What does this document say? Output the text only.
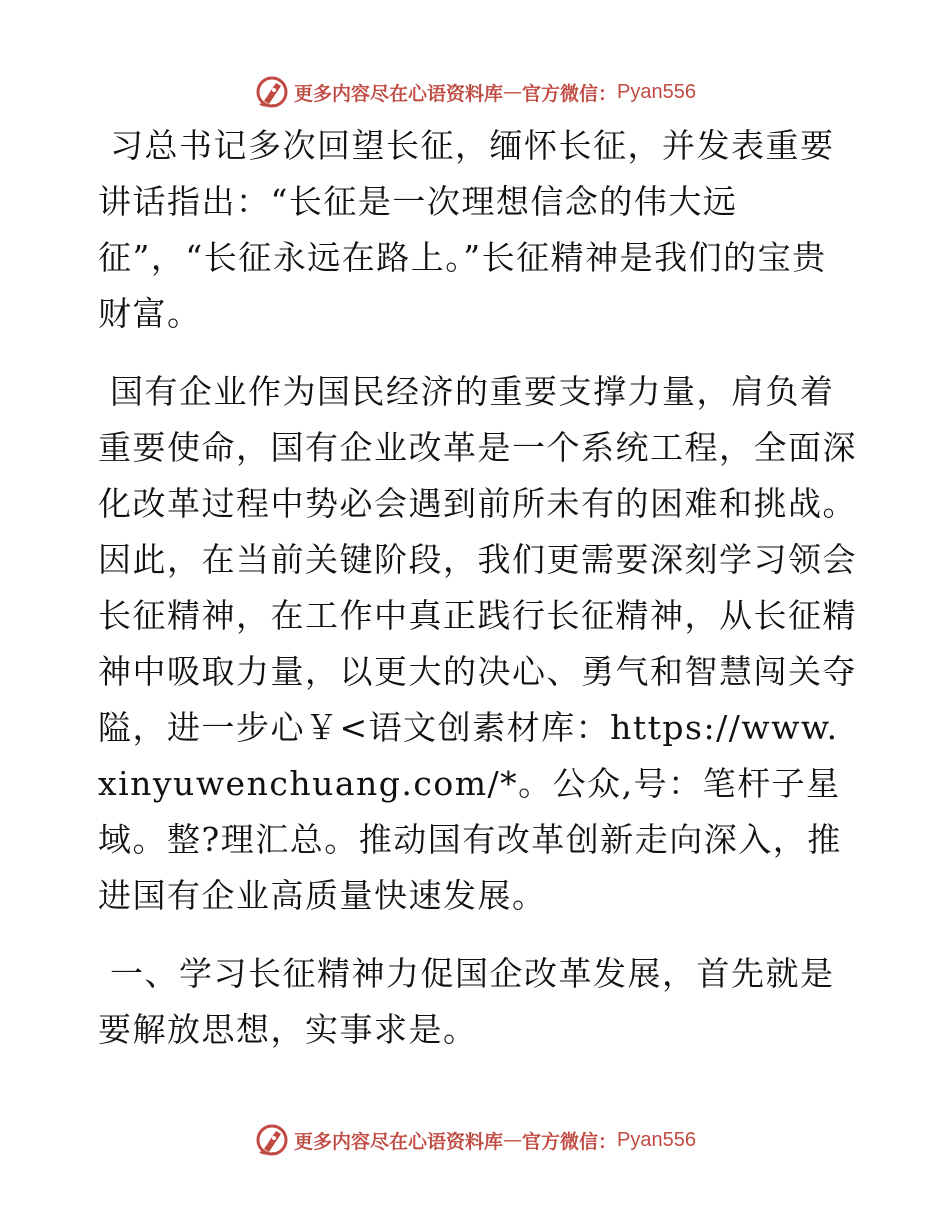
更多内容尽在心语资料库 — 官方微信： Pyan556

习总书记多次回望长征，缅怀长征，并发表重要讲话指出：“长征是一次理想信念的伟大远征”，“长征永远在路上。”长征精神是我们的宝贵财富。

国有企业作为国民经济的重要支撑力量，肩负着重要使命，国有企业改革是一个系统工程，全面深化改革过程中势必会遇到前所未有的困难和挑战。因此，在当前关键阶段，我们更需要深刻学习领会长征精神，在工作中真正践行长征精神，从长征精神中吸取力量，以更大的决心、勇气和智慧闯关夺隘，进一步心￥<语文创素材库：https://www.xinyuwenchuang.com/*。公众,号：笔杆子星域。整?理汇总。推动国有改革创新走向深入，推进国有企业高质量快速发展。

一、学习长征精神力促国企改革发展，首先就是要解放思想，实事求是。

更多内容尽在心语资料库 — 官方微信： Pyan556
